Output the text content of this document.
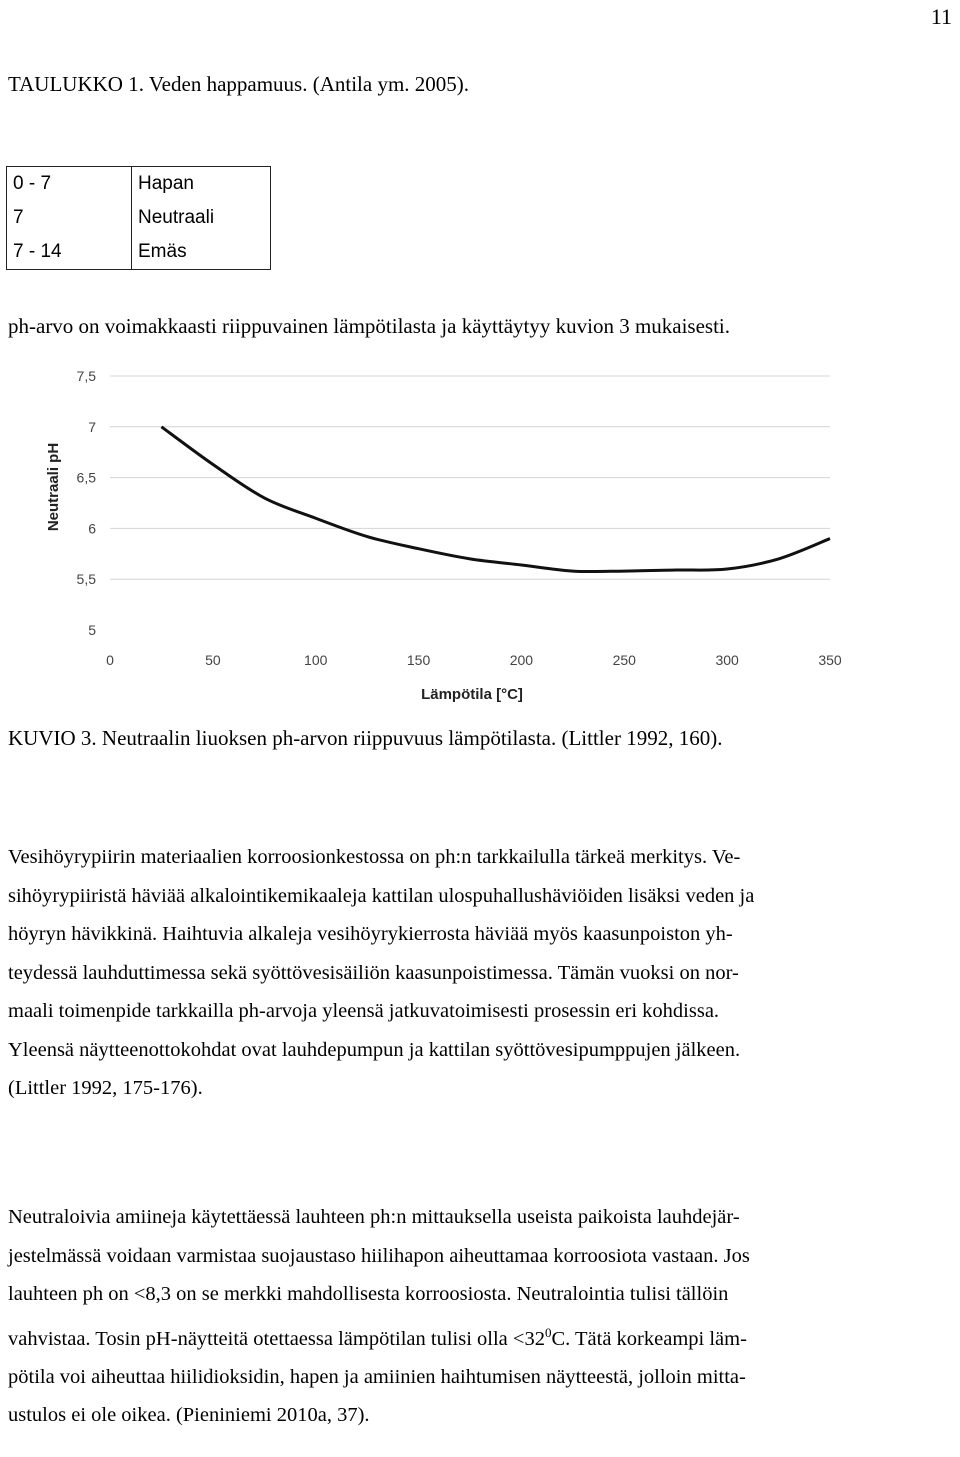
11
TAULUKKO 1. Veden happamuus. (Antila ym. 2005).
0 - 7	Hapan
7	Neutraali
7 - 14	Emäs
ph-arvo on voimakkaasti riippuvainen lämpötilasta ja käyttäytyy kuvion 3 mukaisesti.
5
5,5
6
6,5
7
7,5
0	50	100	150	200	250	300	350
Neutraali pH
Lämpötila [°C]
KUVIO 3. Neutraalin liuoksen ph-arvon riippuvuus lämpötilasta. (Littler 1992, 160).
Vesihöyrypiirin materiaalien korroosionkestossa on ph:n tarkkailulla tärkeä merkitys. Ve-
sihöyrypiiristä häviää alkalointikemikaaleja kattilan ulospuhallushäviöiden lisäksi veden ja
höyryn hävikkinä. Haihtuvia alkaleja vesihöyrykierrosta häviää myös kaasunpoiston yh-
teydessä lauhduttimessa sekä syöttövesisäiliön kaasunpoistimessa. Tämän vuoksi on nor-
maali toimenpide tarkkailla ph-arvoja yleensä jatkuvatoimisesti prosessin eri kohdissa.
Yleensä näytteenottokohdat ovat lauhdepumpun ja kattilan syöttövesipumppujen jälkeen.
(Littler 1992, 175-176).
Neutraloivia amiineja käytettäessä lauhteen ph:n mittauksella useista paikoista lauhdejär-
jestelmässä voidaan varmistaa suojaustaso hiilihapon aiheuttamaa korroosiota vastaan. Jos
lauhteen ph on <8,3 on se merkki mahdollisesta korroosiosta. Neutralointia tulisi tällöin
vahvistaa. Tosin pH-näytteitä otettaessa lämpötilan tulisi olla $<32^0C$. Tätä korkeampi läm-
pötila voi aiheuttaa hiilidioksidin, hapen ja amiinien haihtumisen näytteestä, jolloin mitta-
ustulos ei ole oikea. (Pieniniemi 2010a, 37).
